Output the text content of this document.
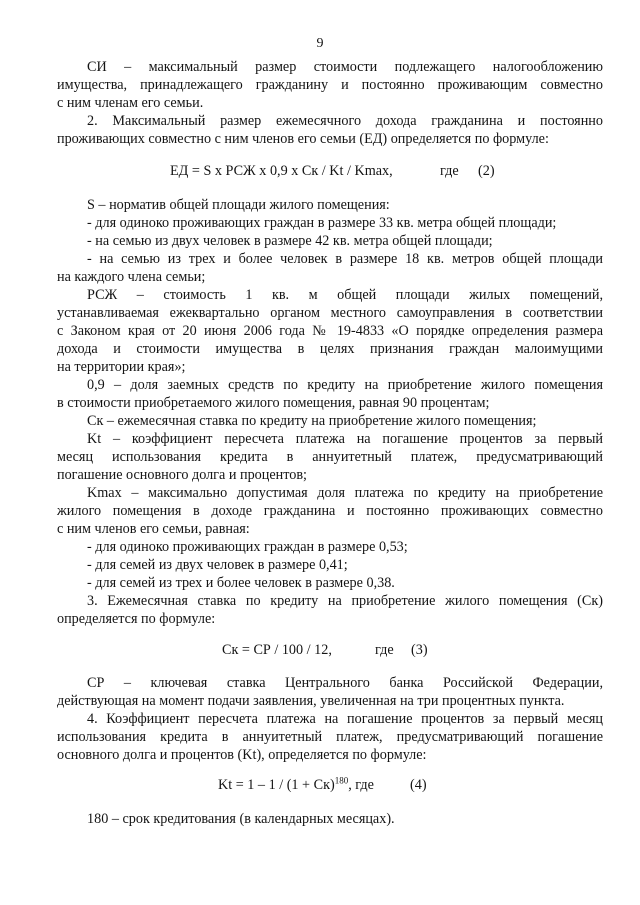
9
СИ – максимальный размер стоимости подлежащего налогообложению
имущества, принадлежащего гражданину и постоянно проживающим совместно
с ним членам его семьи.
2. Максимальный размер ежемесячного дохода гражданина и постоянно
проживающих совместно с ним членов его семьи (ЕД) определяется по формуле:
ЕД = S x РСЖ x 0,9 x Ск / Kt / Kmax,	где (2)
S – норматив общей площади жилого помещения:
- для одиноко проживающих граждан в размере 33 кв. метра общей площади;
- на семью из двух человек в размере 42 кв. метра общей площади;
- на семью из трех и более человек в размере 18 кв. метров общей площади
на каждого члена семьи;
РСЖ – стоимость 1 кв. м общей площади жилых помещений,
устанавливаемая ежеквартально органом местного самоуправления в соответствии
с Законом края от 20 июня 2006 года № 19-4833 «О порядке определения размера
дохода и стоимости имущества в целях признания граждан малоимущими
на территории края»;
0,9 – доля заемных средств по кредиту на приобретение жилого помещения
в стоимости приобретаемого жилого помещения, равная 90 процентам;
Ск – ежемесячная ставка по кредиту на приобретение жилого помещения;
Kt – коэффициент пересчета платежа на погашение процентов за первый
месяц использования кредита в аннуитетный платеж, предусматривающий
погашение основного долга и процентов;
Kmax – максимально допустимая доля платежа по кредиту на приобретение
жилого помещения в доходе гражданина и постоянно проживающих совместно
с ним членов его семьи, равная:
- для одиноко проживающих граждан в размере 0,53;
- для семей из двух человек в размере 0,41;
- для семей из трех и более человек в размере 0,38.
3. Ежемесячная ставка по кредиту на приобретение жилого помещения (Ск)
определяется по формуле:
Ск = СР / 100 / 12,	где (3)
СР – ключевая ставка Центрального банка Российской Федерации,
действующая на момент подачи заявления, увеличенная на три процентных пункта.
4. Коэффициент пересчета платежа на погашение процентов за первый месяц
использования кредита в аннуитетный платеж, предусматривающий погашение
основного долга и процентов (Kt), определяется по формуле:
Kt = 1 – 1 / (1 + Ск)$^{180}$, где	(4)
180 – срок кредитования (в календарных месяцах).
